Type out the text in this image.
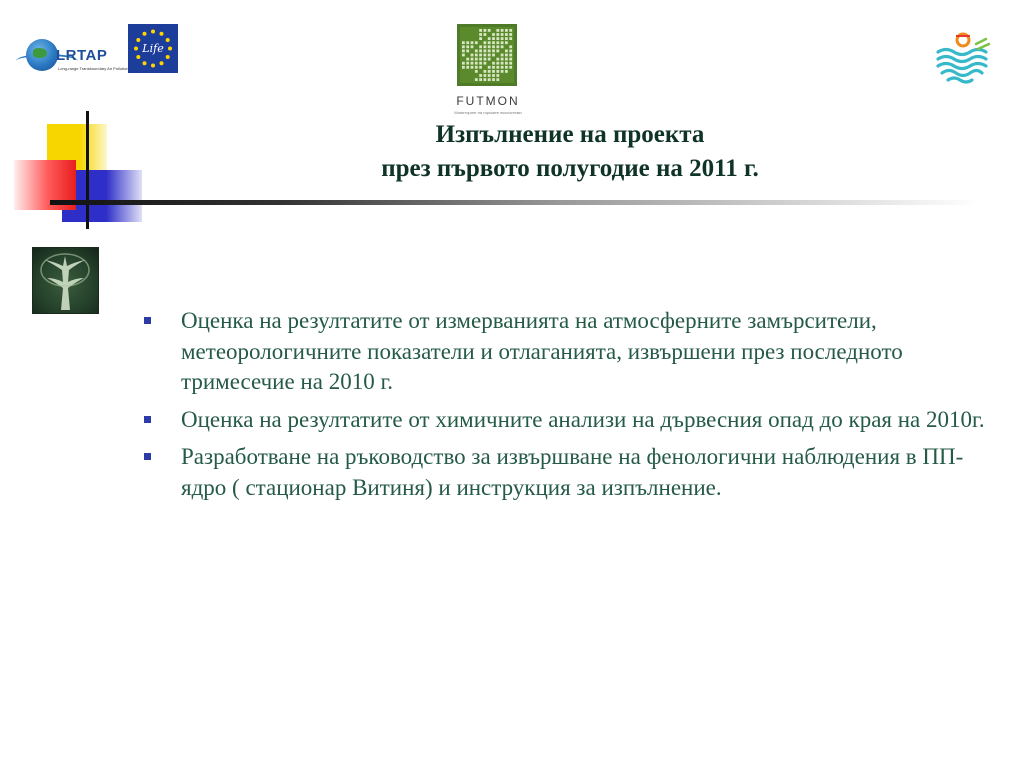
LRTAP
Long-range Transboundary Air Pollution
Life
FUTMON
Мониторинг на горските екосистеми
Изпълнение на проекта
през първото полугодие на 2011 г.
Оценка на резултатите от измерванията на атмосферните замърсители, метеорологичните показатели и отлаганията, извършени през последното тримесечие на 2010 г.
Оценка на резултатите от химичните анализи на дървесния опад до края на 2010г.
Разработване на ръководство за извършване на фенологични наблюдения в ПП- ядро ( стационар Витиня) и инструкция за изпълнение.
